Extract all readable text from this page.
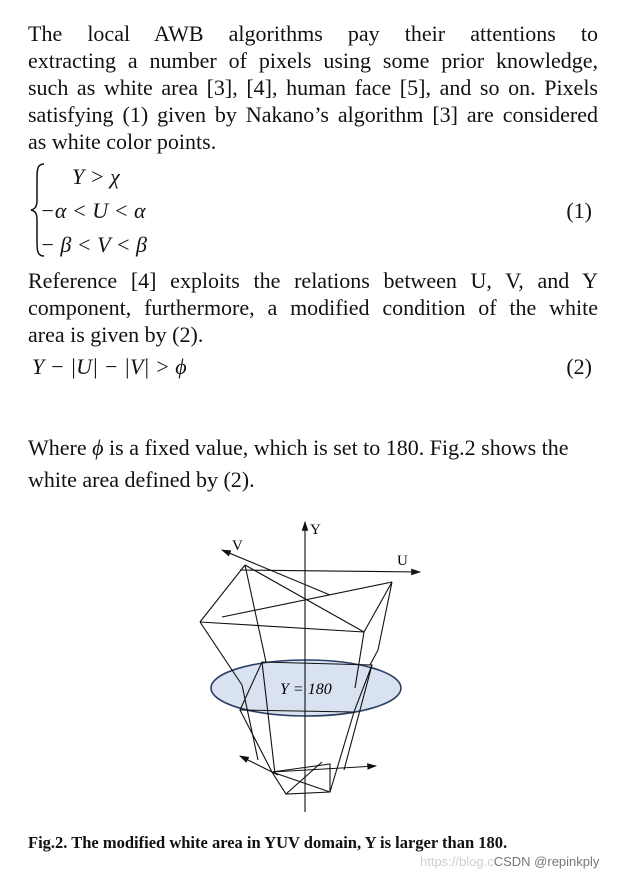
The local AWB algorithms pay their attentions to
extracting a number of pixels using some prior knowledge,
such as white area [3], [4], human face [5], and so on. Pixels
satisfying (1) given by Nakano’s algorithm [3] are considered
as white color points.
Y > χ
−α < U < α
− β < V < β
(1)
Reference [4] exploits the relations between U, V, and Y
component, furthermore, a modified condition of the white
area is given by (2).
Y − |U| − |V| > ϕ	(2)
Where ϕ is a fixed value, which is set to 180. Fig.2 shows the
white area defined by (2).
Y
V
U
Y = 180
Fig.2. The modified white area in YUV domain, Y is larger than 180.
https://blog.cCSDN @repinkply
